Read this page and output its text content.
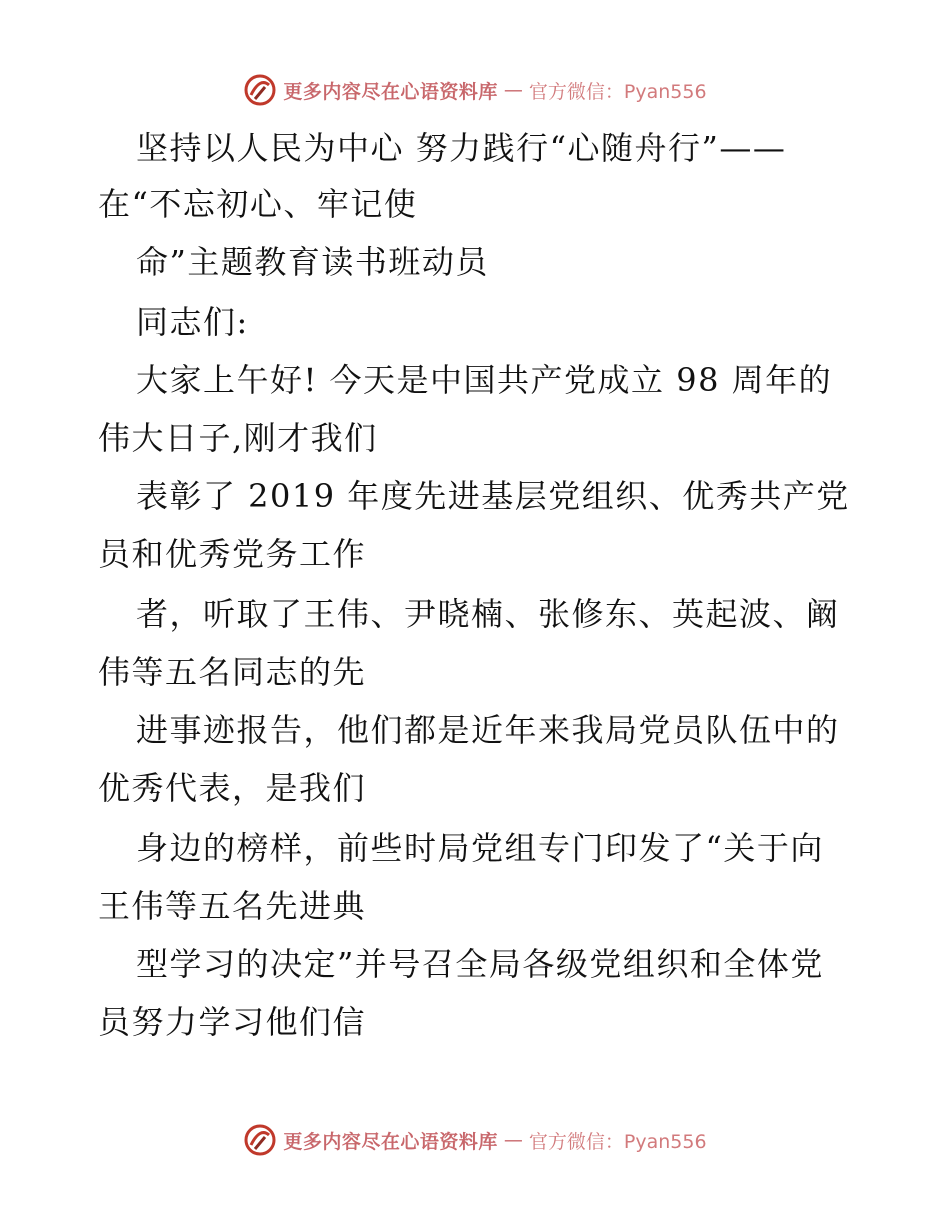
更多内容尽在心语资料库 — 官方微信：Pyan556
坚持以人民为中心 努力践行“心随舟行”——
在“不忘初心、牢记使
命”主题教育读书班动员
同志们:
大家上午好! 今天是中国共产党成立 98 周年的
伟大日子,刚才我们
表彰了 2019 年度先进基层党组织、优秀共产党
员和优秀党务工作
者，听取了王伟、尹晓楠、张修东、英起波、阚
伟等五名同志的先
进事迹报告，他们都是近年来我局党员队伍中的
优秀代表，是我们
身边的榜样，前些时局党组专门印发了“关于向
王伟等五名先进典
型学习的决定”并号召全局各级党组织和全体党
员努力学习他们信
更多内容尽在心语资料库 — 官方微信：Pyan556
